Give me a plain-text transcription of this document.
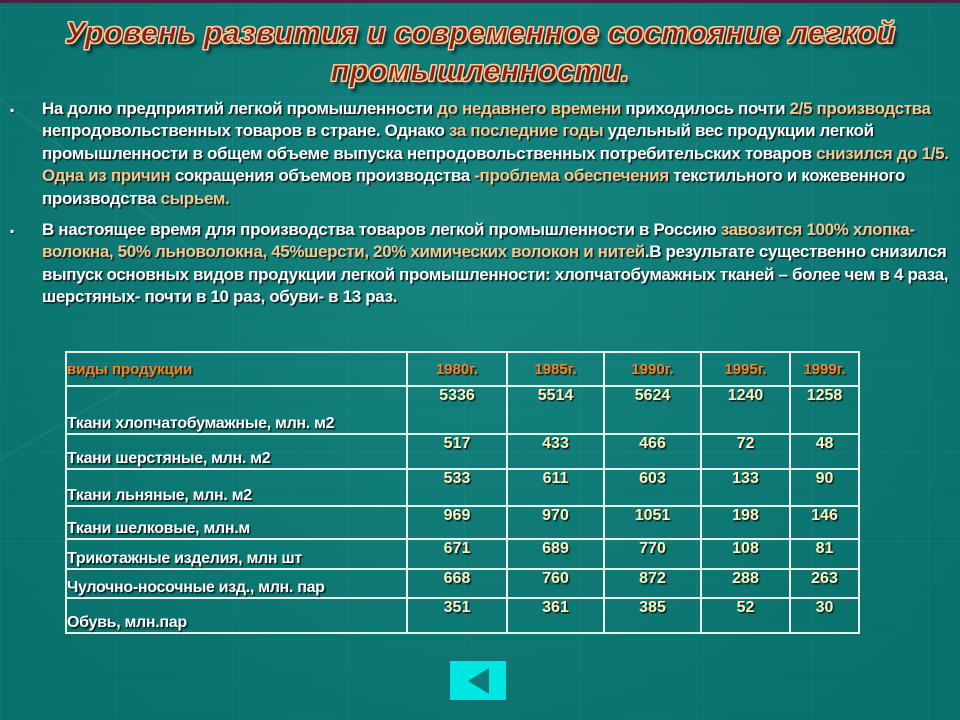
Уровень развития и современное состояние легкой промышленности.
▪	На долю предприятий легкой промышленности до недавнего времени приходилось почти 2/5 производства непродовольственных товаров в стране. Однако за последние годы удельный вес продукции легкой промышленности в общем объеме выпуска непродовольственных потребительских товаров снизился до 1/5. Одна из причин сокращения объемов производства -проблема обеспечения текстильного и кожевенного производства сырьем.
▪	В настоящее время для производства товаров легкой промышленности в Россию завозится 100% хлопка-волокна, 50% льноволокна, 45%шерсти, 20% химических волокон и нитей.В результате существенно снизился выпуск основных видов продукции легкой промышленности: хлопчатобумажных тканей – более чем в 4 раза, шерстяных- почти в 10 раз, обуви- в 13 раз.
виды продукции	1980г.	1985г.	1990г.	1995г.	1999г.
Ткани хлопчатобумажные, млн. м2	5336	5514	5624	1240	1258
Ткани шерстяные, млн. м2	517	433	466	72	48
Ткани льняные, млн. м2	533	611	603	133	90
Ткани шелковые, млн.м	969	970	1051	198	146
Трикотажные изделия, млн шт	671	689	770	108	81
Чулочно-носочные изд., млн. пар	668	760	872	288	263
Обувь, млн.пар	351	361	385	52	30
